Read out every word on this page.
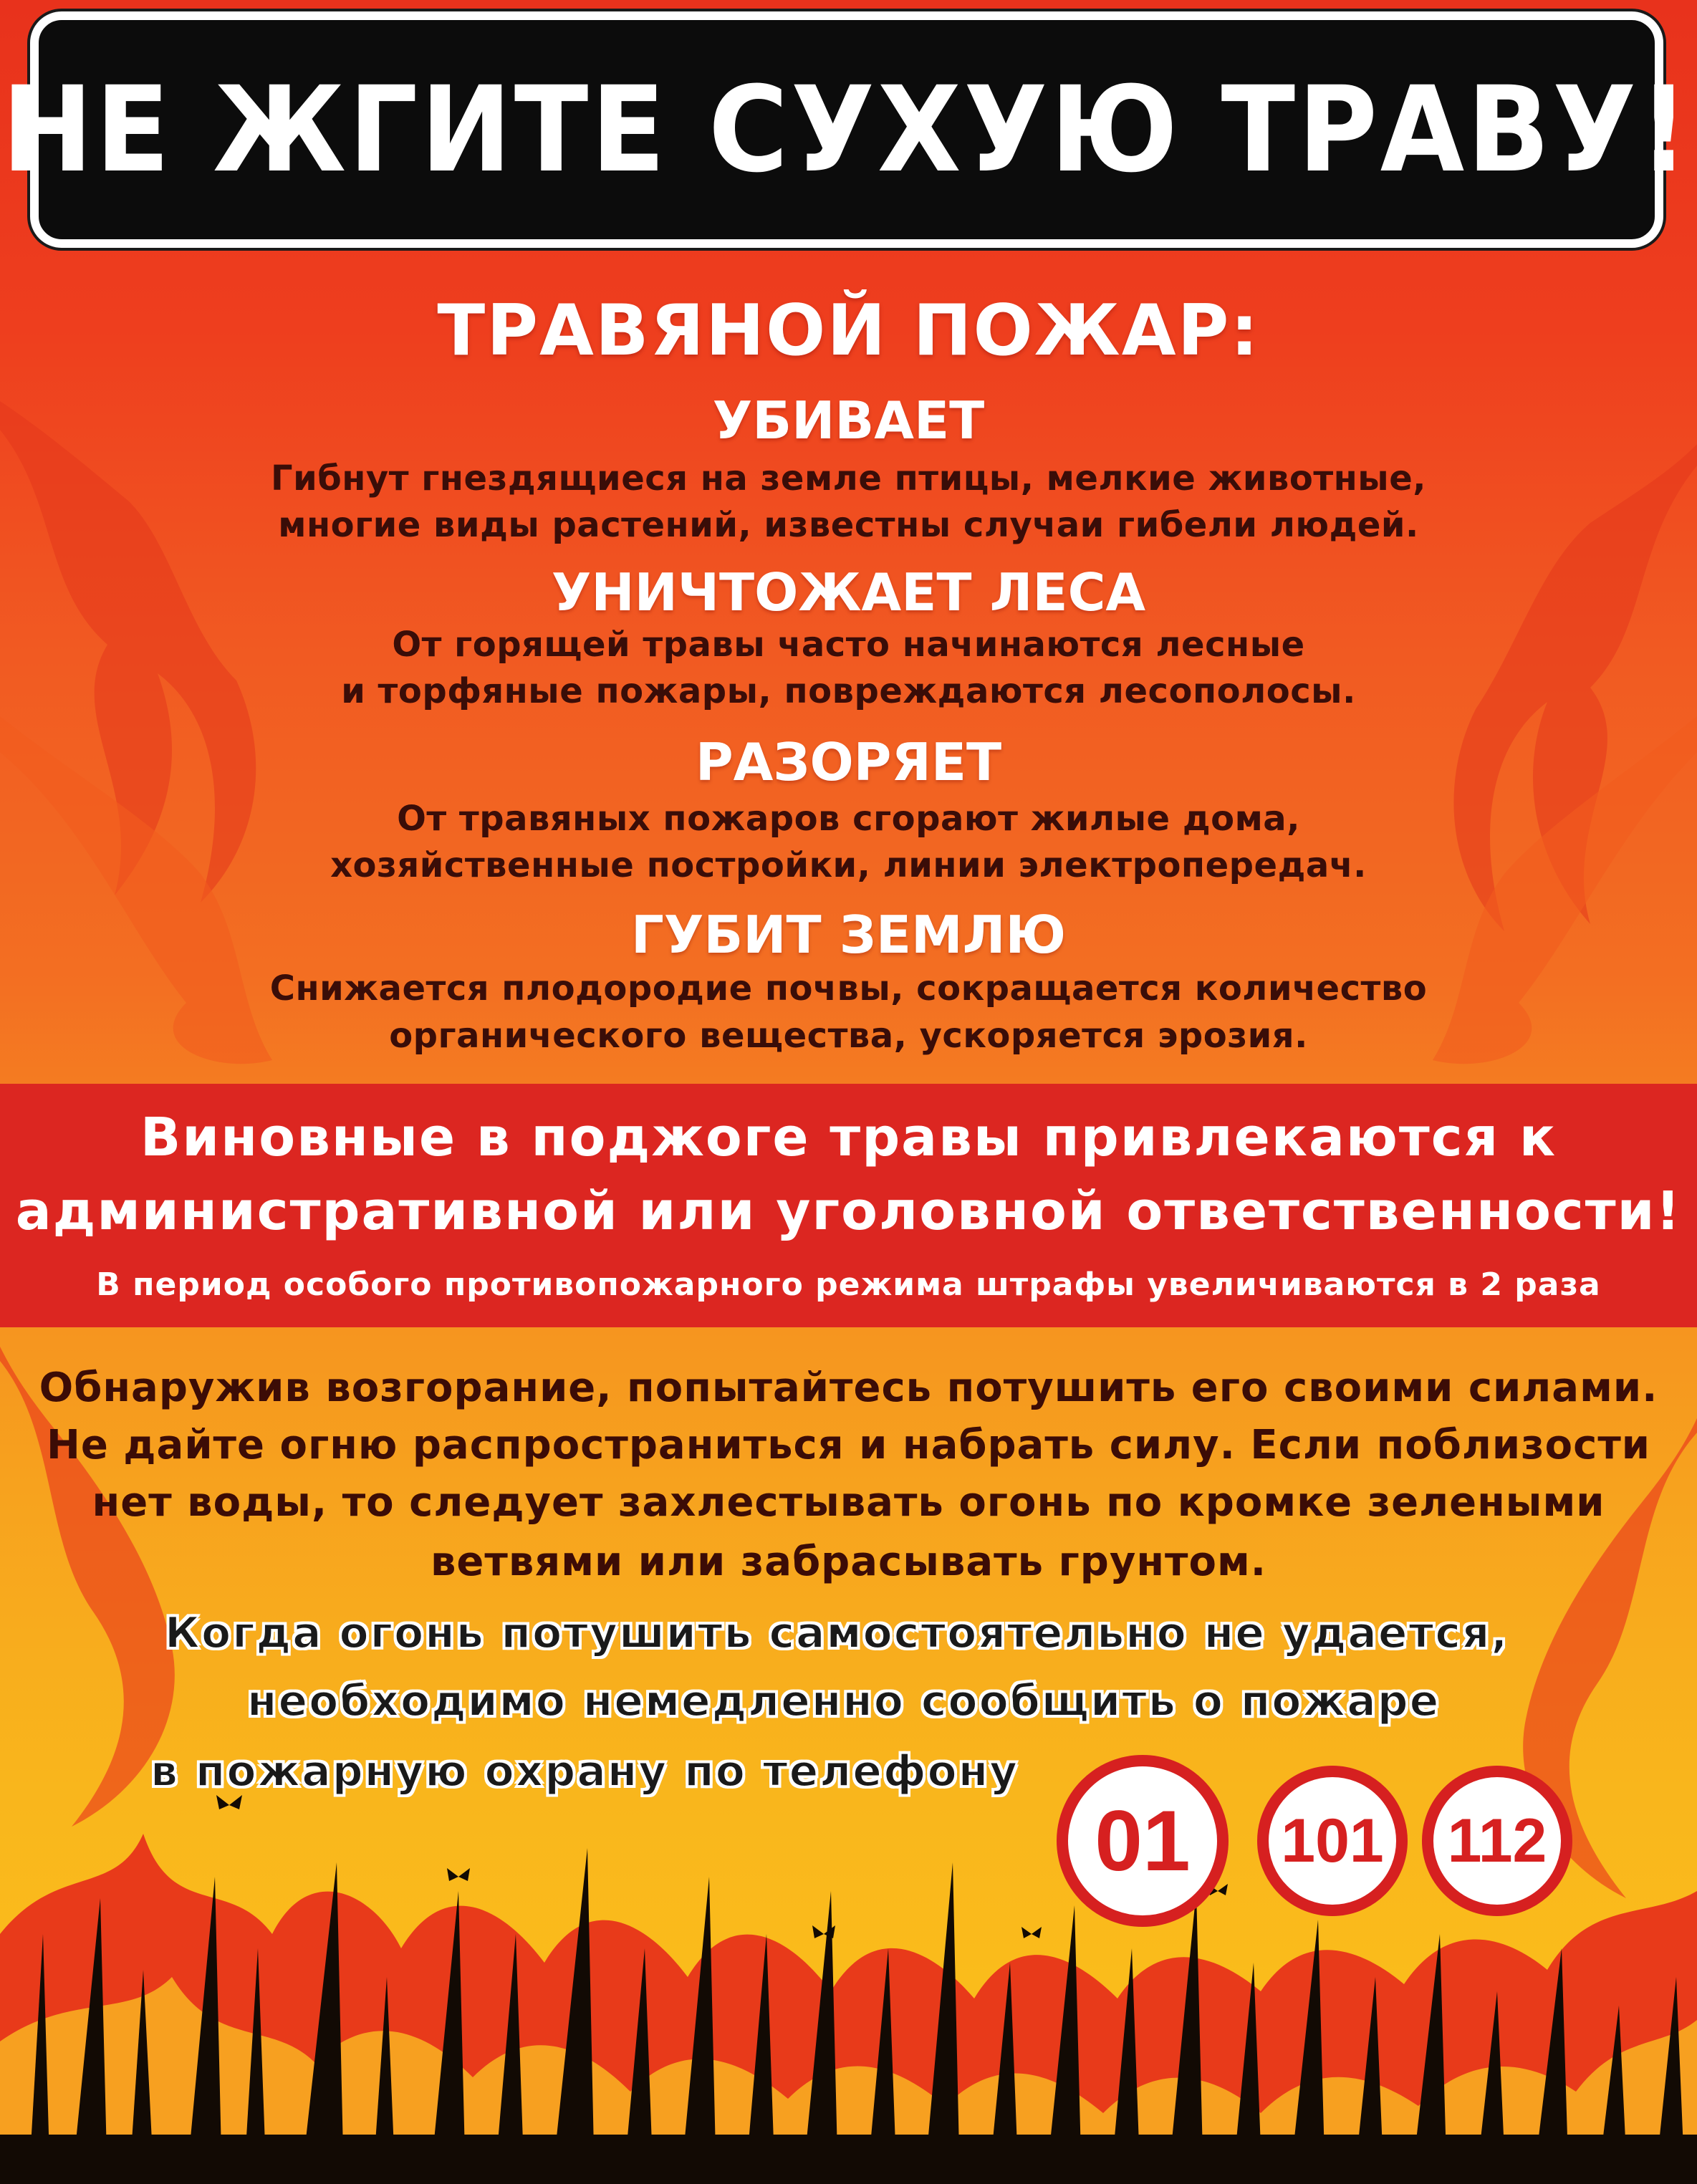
НЕ ЖГИТЕ СУХУЮ ТРАВУ!
ТРАВЯНОЙ ПОЖАР:
УБИВАЕТ
Гибнут гнездящиеся на земле птицы, мелкие животные,
многие виды растений, известны случаи гибели людей.
УНИЧТОЖАЕТ ЛЕСА
От горящей травы часто начинаются лесные
и торфяные пожары, повреждаются лесополосы.
РАЗОРЯЕТ
От травяных пожаров сгорают жилые дома,
хозяйственные постройки, линии электропередач.
ГУБИТ ЗЕМЛЮ
Снижается плодородие почвы, сокращается количество
органического вещества, ускоряется эрозия.
Виновные в поджоге травы привлекаются к
административной или уголовной ответственности!
В период особого противопожарного режима штрафы увеличиваются в 2 раза
Обнаружив возгорание, попытайтесь потушить его своими силами.
Не дайте огню распространиться и набрать силу. Если поблизости
нет воды, то следует захлестывать огонь по кромке зелеными
ветвями или забрасывать грунтом.
Когда огонь потушить самостоятельно не удается,
необходимо немедленно сообщить о пожаре
в пожарную охрану по телефону
01	101	112
